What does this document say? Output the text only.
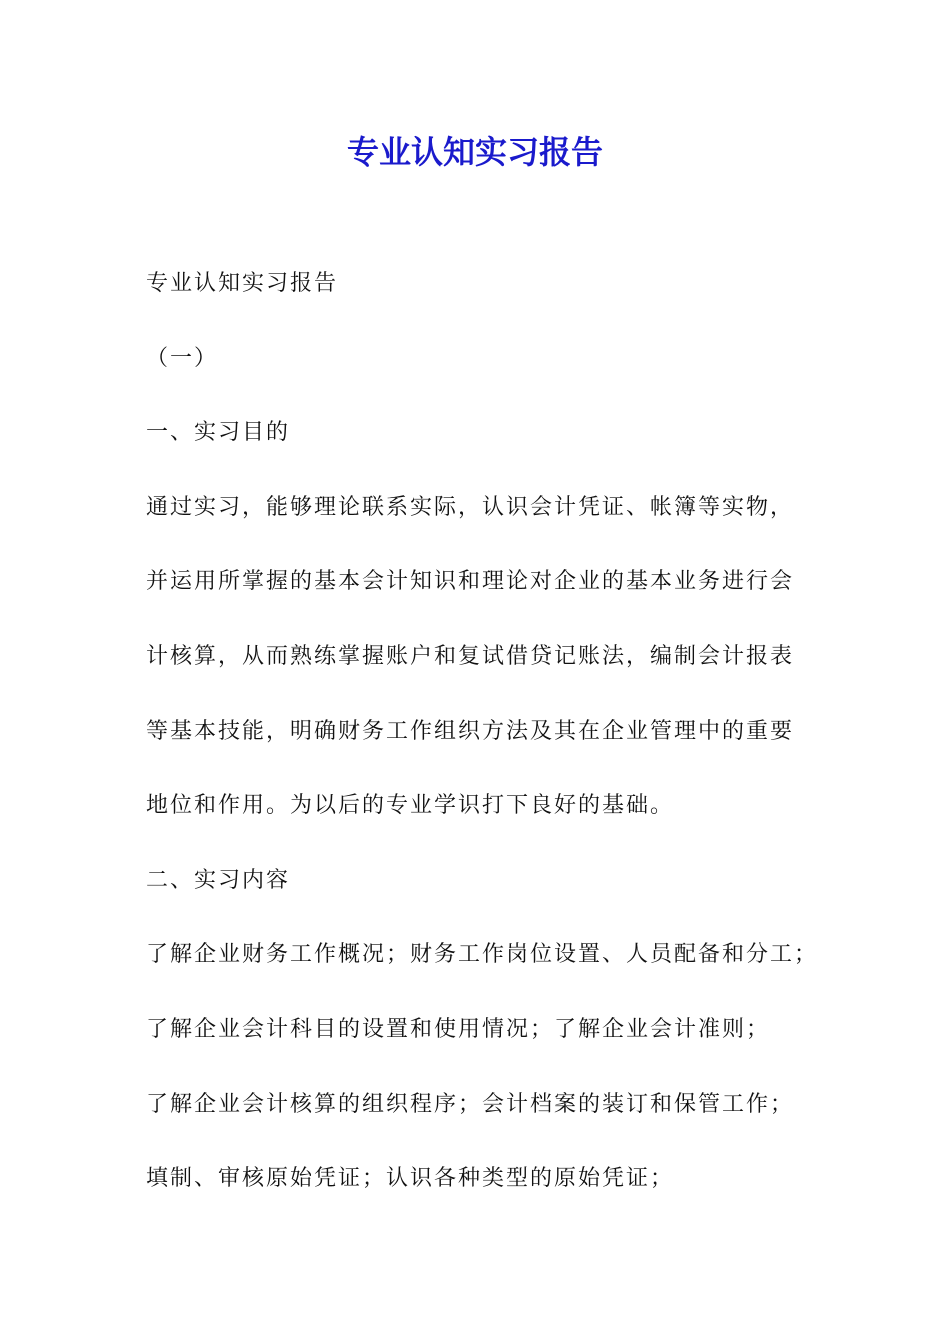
专业认知实习报告

专业认知实习报告

（一）

一、实习目的

通过实习，能够理论联系实际，认识会计凭证、帐簿等实物，

并运用所掌握的基本会计知识和理论对企业的基本业务进行会

计核算，从而熟练掌握账户和复试借贷记账法，编制会计报表

等基本技能，明确财务工作组织方法及其在企业管理中的重要

地位和作用。为以后的专业学识打下良好的基础。

二、实习内容

了解企业财务工作概况；财务工作岗位设置、人员配备和分工；

了解企业会计科目的设置和使用情况；了解企业会计准则；

了解企业会计核算的组织程序；会计档案的装订和保管工作；

填制、审核原始凭证；认识各种类型的原始凭证；
